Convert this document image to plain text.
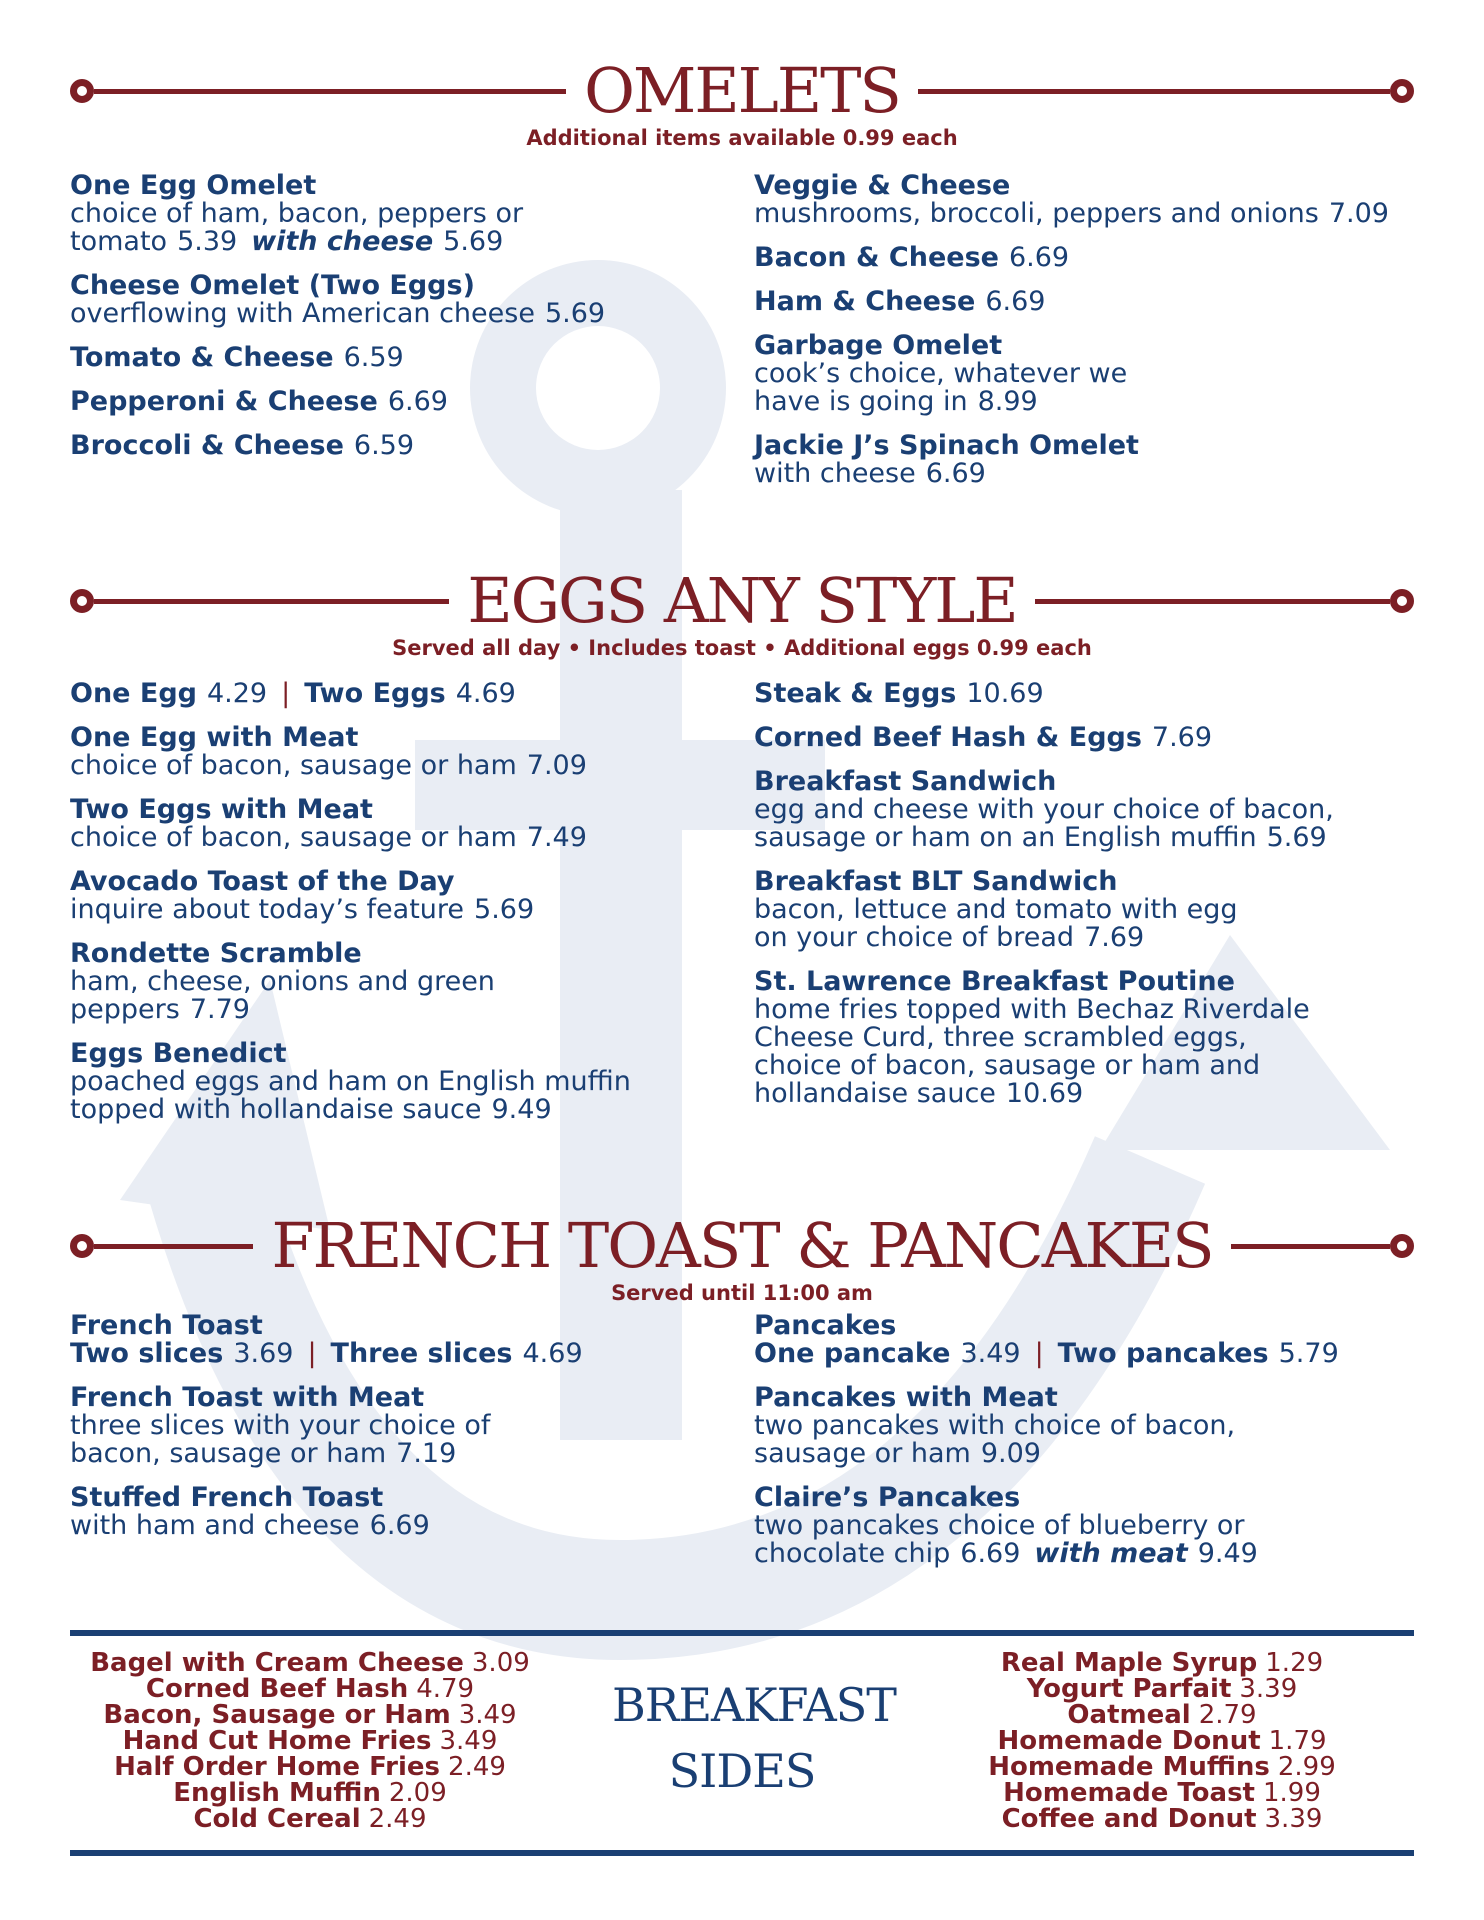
OMELETS
Additional items available 0.99 each
One Egg Omelet
choice of ham, bacon, peppers or tomato 5.39 with cheese 5.69
Cheese Omelet (Two Eggs)
overflowing with American cheese 5.69
Tomato & Cheese 6.59
Pepperoni & Cheese 6.69
Broccoli & Cheese 6.59
Veggie & Cheese
mushrooms, broccoli, peppers and onions 7.09
Bacon & Cheese 6.69
Ham & Cheese 6.69
Garbage Omelet
cook’s choice, whatever we have is going in 8.99
Jackie J’s Spinach Omelet
with cheese 6.69
EGGS ANY STYLE
Served all day • Includes toast • Additional eggs 0.99 each
One Egg 4.29 | Two Eggs 4.69
One Egg with Meat
choice of bacon, sausage or ham 7.09
Two Eggs with Meat
choice of bacon, sausage or ham 7.49
Avocado Toast of the Day
inquire about today’s feature 5.69
Rondette Scramble
ham, cheese, onions and green peppers 7.79
Eggs Benedict
poached eggs and ham on English muffin topped with hollandaise sauce 9.49
Steak & Eggs 10.69
Corned Beef Hash & Eggs 7.69
Breakfast Sandwich
egg and cheese with your choice of bacon, sausage or ham on an English muffin 5.69
Breakfast BLT Sandwich
bacon, lettuce and tomato with egg on your choice of bread 7.69
St. Lawrence Breakfast Poutine
home fries topped with Bechaz Riverdale Cheese Curd, three scrambled eggs, choice of bacon, sausage or ham and hollandaise sauce 10.69
FRENCH TOAST & PANCAKES
Served until 11:00 am
French Toast
Two slices 3.69 | Three slices 4.69
French Toast with Meat
three slices with your choice of bacon, sausage or ham 7.19
Stuffed French Toast
with ham and cheese 6.69
Pancakes
One pancake 3.49 | Two pancakes 5.79
Pancakes with Meat
two pancakes with choice of bacon, sausage or ham 9.09
Claire’s Pancakes
two pancakes choice of blueberry or chocolate chip 6.69 with meat 9.49
Bagel with Cream Cheese 3.09
Corned Beef Hash 4.79
Bacon, Sausage or Ham 3.49
Hand Cut Home Fries 3.49
Half Order Home Fries 2.49
English Muffin 2.09
Cold Cereal 2.49
BREAKFAST
SIDES
Real Maple Syrup 1.29
Yogurt Parfait 3.39
Oatmeal 2.79
Homemade Donut 1.79
Homemade Muffins 2.99
Homemade Toast 1.99
Coffee and Donut 3.39
